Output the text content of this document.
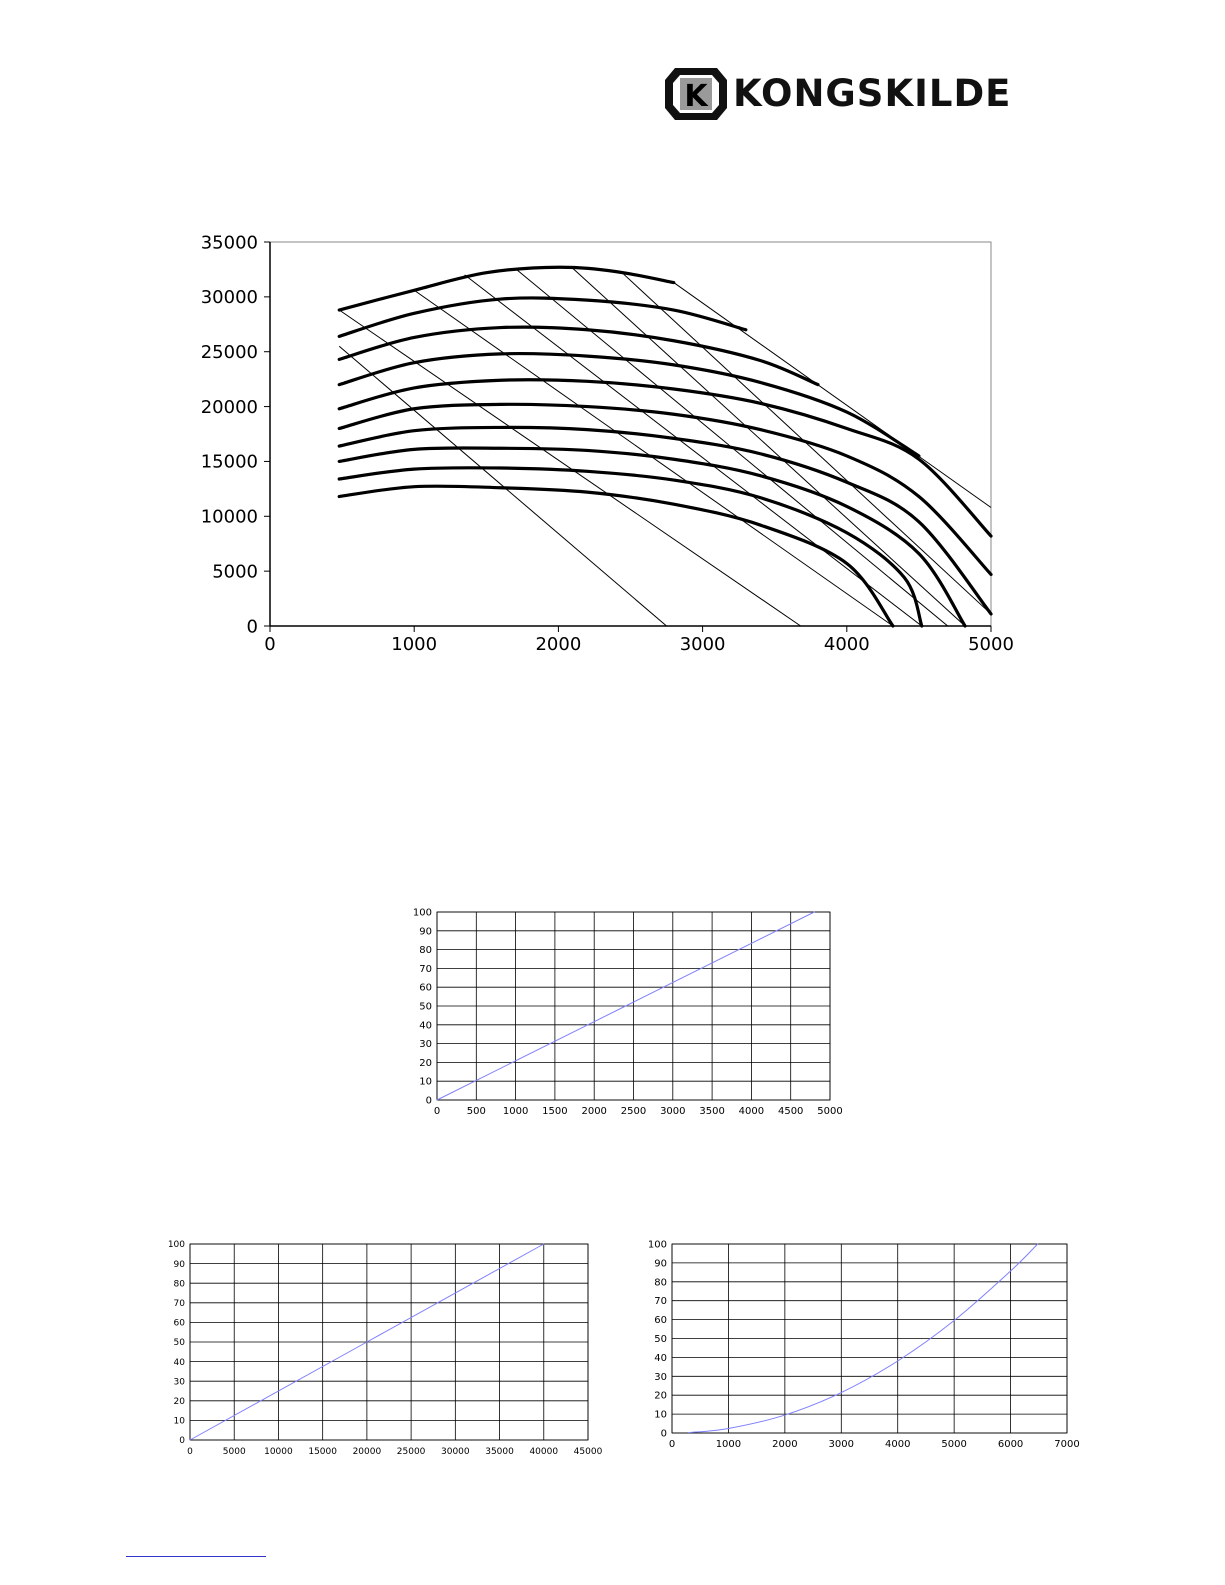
K KONGSKILDE
0	1000	2000	3000	4000	5000
0
5000
10000
15000
20000
25000
30000
35000
0	500 1000 1500 2000 2500 3000 3500 4000 4500 5000
0
10
20
30
40
50
60
70
80
90
100
0	5000 10000 15000 20000 25000 30000 35000 40000 45000
0
10
20
30
40
50
60
70
80
90
100
0	1000	2000	3000	4000	5000	6000	7000
0
10
20
30
40
50
60
70
80
90
100
